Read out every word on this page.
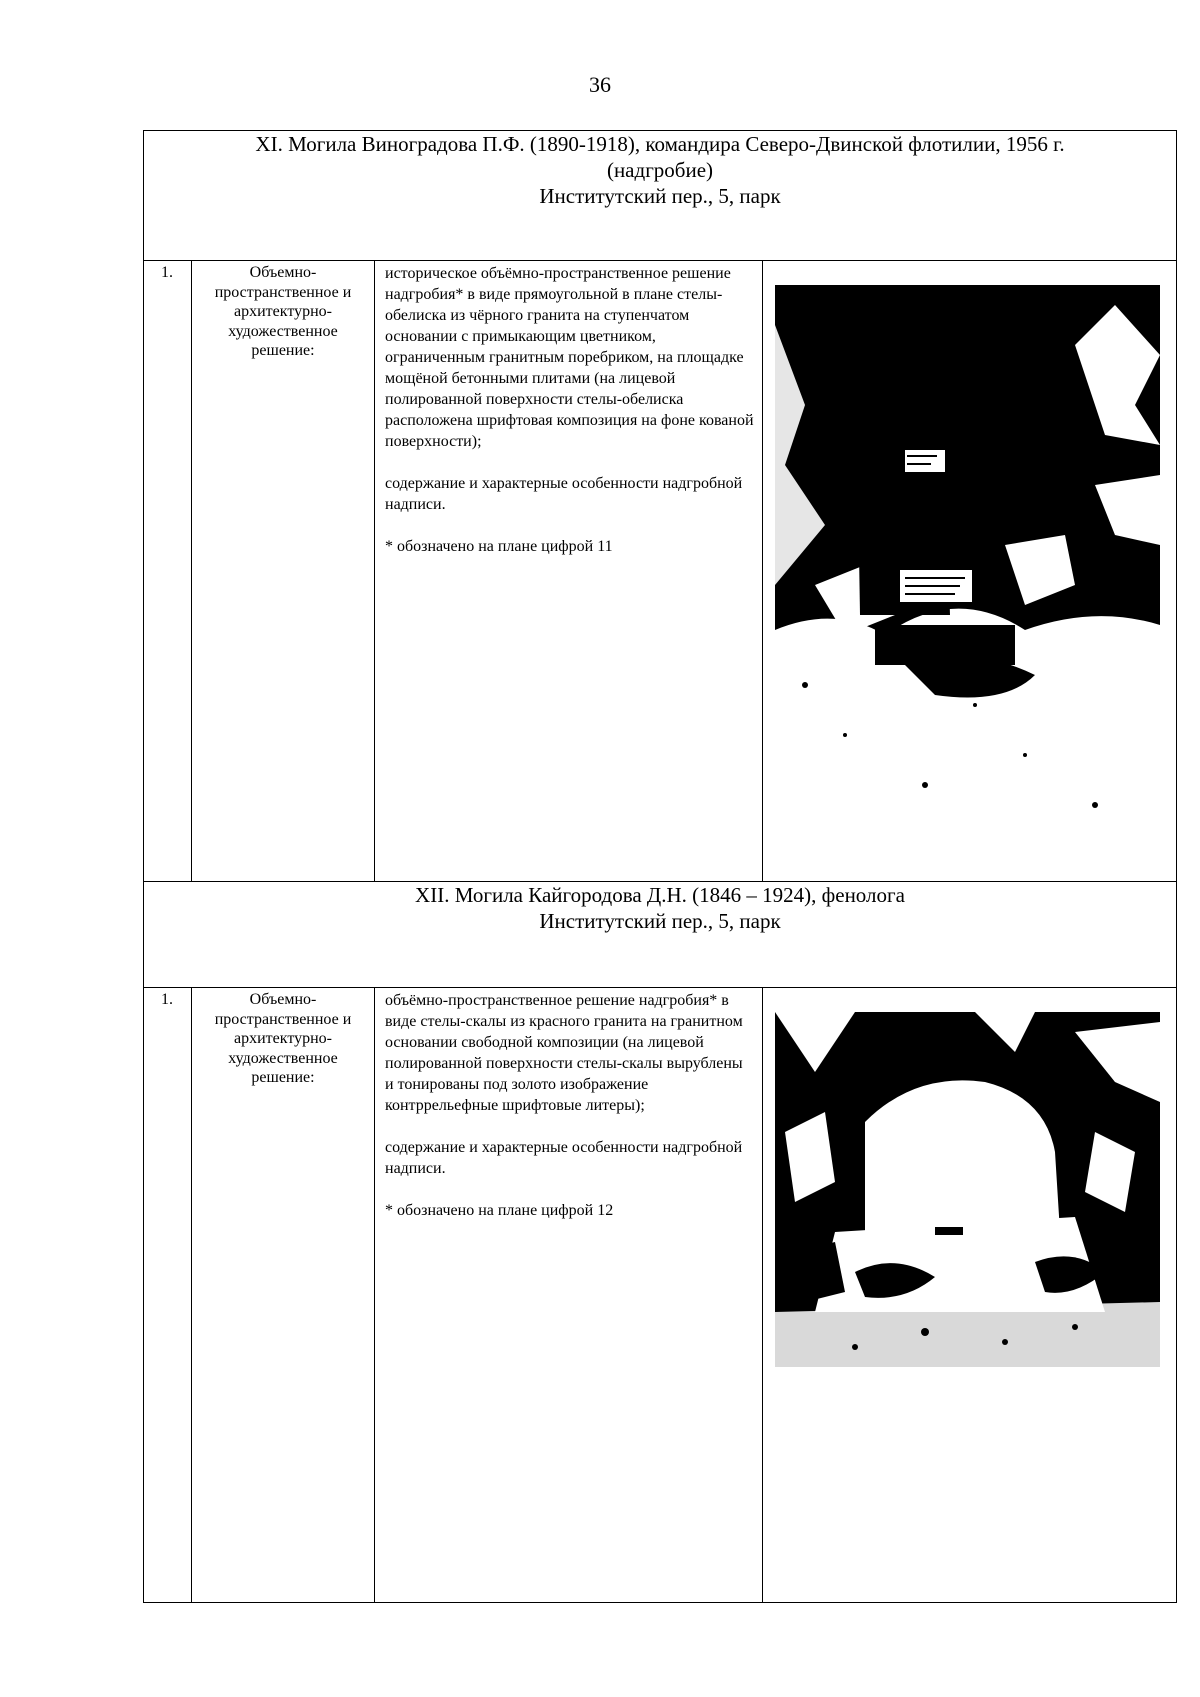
36
XI. Могила Виноградова П.Ф. (1890-1918), командира Северо-Двинской флотилии, 1956 г.
(надгробие)
Институтский пер., 5, парк			

1.	Объемно-пространственное и архитектурно-художественное решение:	историческое объёмно-пространственное решение надгробия* в виде прямоугольной в плане стелы-обелиска из чёрного гранита на ступенчатом основании с примыкающим цветником, ограниченным гранитным поребриком, на площадке мощёной бетонными плитами (на лицевой полированной поверхности стелы-обелиска расположена шрифтовая композиция на фоне кованой поверхности);

содержание и характерные особенности надгробной надписи.

* обозначено на плане цифрой 11

XII. Могила Кайгородова Д.Н. (1846 – 1924), фенолога
Институтский пер., 5, парк			

1.	Объемно-пространственное и архитектурно-художественное решение:	объёмно-пространственное решение надгробия* в виде стелы-скалы из красного гранита на гранитном основании свободной композиции (на лицевой полированной поверхности стелы-скалы вырублены и тонированы под золото изображение контррельефные шрифтовые литеры);

содержание и характерные особенности надгробной надписи.

* обозначено на плане цифрой 12
